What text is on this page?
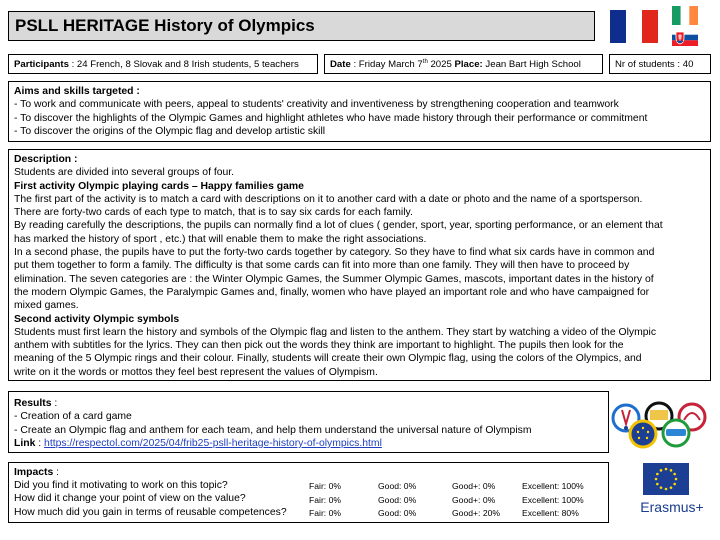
PSLL HERITAGE History of Olympics
Participants : 24 French, 8 Slovak and 8 Irish students, 5 teachers	Date : Friday March 7th 2025 Place: Jean Bart High School	Nr of students : 40
Aims and skills targeted :
- To work and communicate with peers, appeal to students' creativity and inventiveness by strengthening cooperation and teamwork
- To discover the highlights of the Olympic Games and highlight athletes who have made history through their performance or commitment
- To discover the origins of the Olympic flag and develop artistic skill
Description :
Students are divided into several groups of four.
First activity Olympic playing cards – Happy families game
The first part of the activity is to match a card with descriptions on it to another card with a date or photo and the name of a sportsperson.
There are forty-two cards of each type to match, that is to say six cards for each family.
By reading carefully the descriptions, the pupils can normally find a lot of clues ( gender, sport, year, sporting performance, or an element that
has marked the history of sport , etc.) that will enable them to make the right associations.
In a second phase, the pupils have to put the forty-two cards together by category. So they have to find what six cards have in common and
put them together to form a family. The difficulty is that some cards can fit into more than one family. They will then have to proceed by
elimination. The seven categories are : the Winter Olympic Games, the Summer Olympic Games, mascots, important dates in the history of
the modern Olympic Games, the Paralympic Games and, finally, women who have played an important role and who have campaigned for
mixed games.
Second activity Olympic symbols
Students must first learn the history and symbols of the Olympic flag and listen to the anthem. They start by watching a video of the Olympic
anthem with subtitles for the lyrics. They can then pick out the words they think are important to highlight. The pupils then look for the
meaning of the 5 Olympic rings and their colour. Finally, students will create their own Olympic flag, using the colors of the Olympics, and
write on it the words or mottos they feel best represent the values of Olympism.
Results :
- Creation of a card game
- Create an Olympic flag and anthem for each team, and help them understand the universal nature of Olympism
Link : https://respectol.com/2025/04/frib25-psll-heritage-history-of-olympics.html
Impacts :
Did you find it motivating to work on this topic?	Fair: 0%	Good: 0%	Good+: 0%	Excellent: 100%
How did it change your point of view on the value?	Fair: 0%	Good: 0%	Good+: 0%	Excellent: 100%
How much did you gain in terms of reusable competences?	Fair: 0%	Good: 0%	Good+: 20%	Excellent: 80%	Erasmus+
